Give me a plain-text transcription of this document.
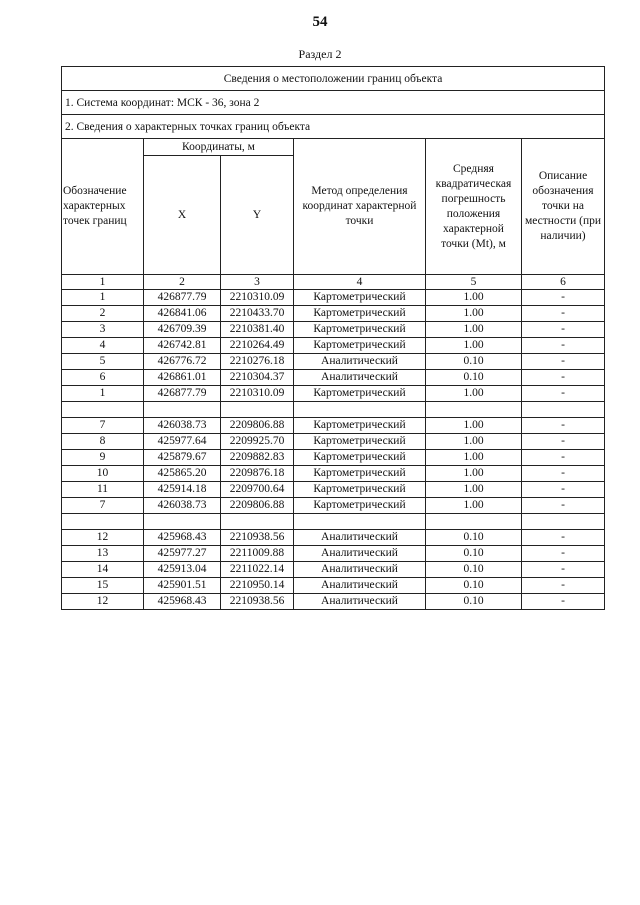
54
Раздел 2
Сведения о местоположении границ объекта					
1. Система координат: МСК - 36, зона 2					
2. Сведения о характерных точках границ объекта					
Обозначение характерных точек границ	Координаты, м		Метод определения координат характерной точки	Средняя квадратическая погрешность положения характерной точки (Mt), м	Описание обозначения точки на местности (при наличии)
	X	Y			
1	2	3	4	5	6
1	426877.79	2210310.09	Картометрический	1.00	-
2	426841.06	2210433.70	Картометрический	1.00	-
3	426709.39	2210381.40	Картометрический	1.00	-
4	426742.81	2210264.49	Картометрический	1.00	-
5	426776.72	2210276.18	Аналитический	0.10	-
6	426861.01	2210304.37	Аналитический	0.10	-
1	426877.79	2210310.09	Картометрический	1.00	-

7	426038.73	2209806.88	Картометрический	1.00	-
8	425977.64	2209925.70	Картометрический	1.00	-
9	425879.67	2209882.83	Картометрический	1.00	-
10	425865.20	2209876.18	Картометрический	1.00	-
11	425914.18	2209700.64	Картометрический	1.00	-
7	426038.73	2209806.88	Картометрический	1.00	-

12	425968.43	2210938.56	Аналитический	0.10	-
13	425977.27	2211009.88	Аналитический	0.10	-
14	425913.04	2211022.14	Аналитический	0.10	-
15	425901.51	2210950.14	Аналитический	0.10	-
12	425968.43	2210938.56	Аналитический	0.10	-
